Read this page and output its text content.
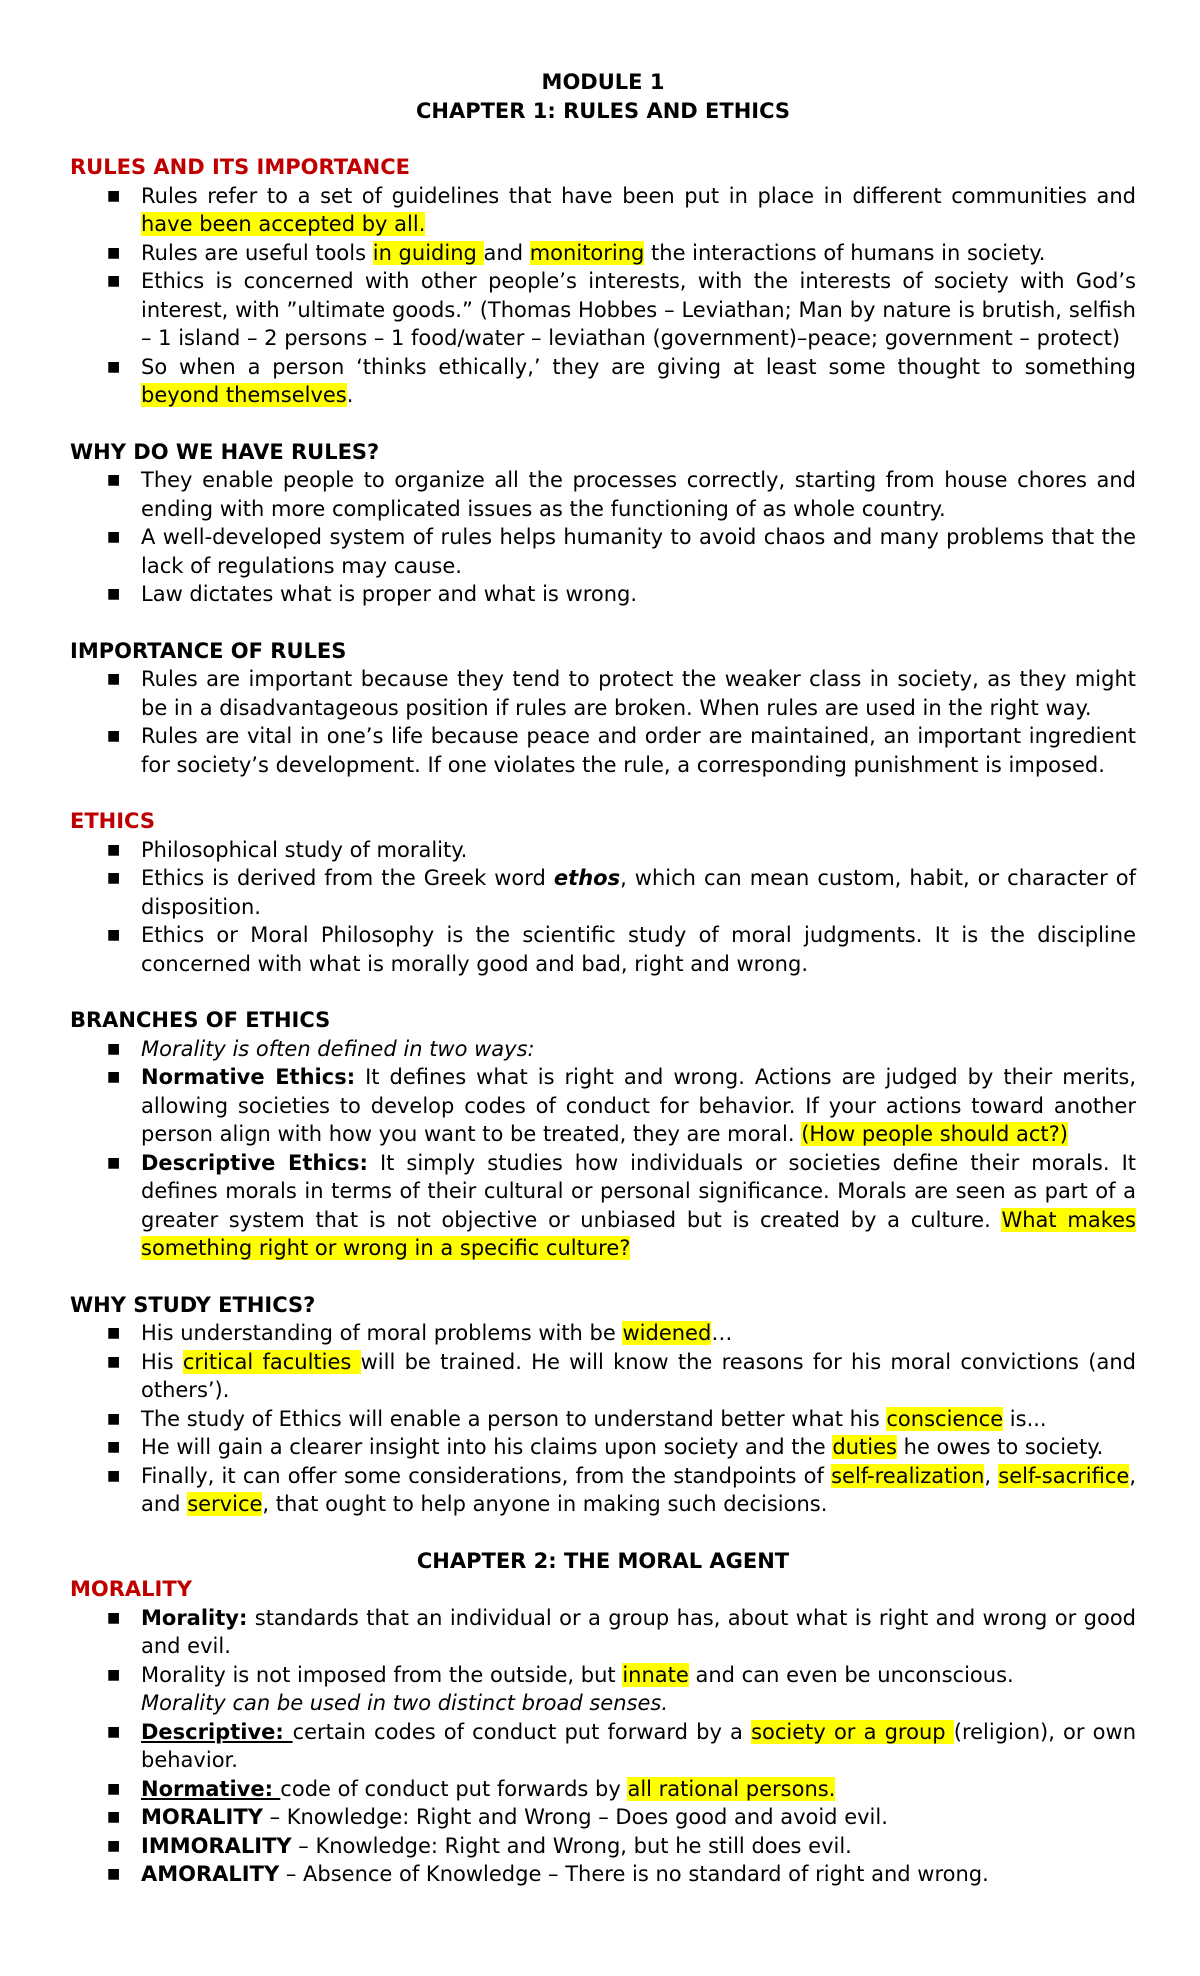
MODULE 1

CHAPTER 1: RULES AND ETHICS

RULES AND ITS IMPORTANCE

■ Rules refer to a set of guidelines that have been put in place in different communities and have been accepted by all.
■ Rules are useful tools in guiding and monitoring the interactions of humans in society.
■ Ethics is concerned with other people’s interests, with the interests of society with God’s interest, with ”ultimate goods.” (Thomas Hobbes – Leviathan; Man by nature is brutish, selfish – 1 island – 2 persons – 1 food/water – leviathan (government)–peace; government – protect)
■ So when a person ‘thinks ethically,’ they are giving at least some thought to something beyond themselves.

WHY DO WE HAVE RULES?

■ They enable people to organize all the processes correctly, starting from house chores and ending with more complicated issues as the functioning of as whole country.
■ A well-developed system of rules helps humanity to avoid chaos and many problems that the lack of regulations may cause.
■ Law dictates what is proper and what is wrong.

IMPORTANCE OF RULES

■ Rules are important because they tend to protect the weaker class in society, as they might be in a disadvantageous position if rules are broken. When rules are used in the right way.
■ Rules are vital in one’s life because peace and order are maintained, an important ingredient for society’s development. If one violates the rule, a corresponding punishment is imposed.

ETHICS

■ Philosophical study of morality.
■ Ethics is derived from the Greek word ethos, which can mean custom, habit, or character of disposition.
■ Ethics or Moral Philosophy is the scientific study of moral judgments. It is the discipline concerned with what is morally good and bad, right and wrong.

BRANCHES OF ETHICS

■ Morality is often defined in two ways:
■ Normative Ethics: It defines what is right and wrong. Actions are judged by their merits, allowing societies to develop codes of conduct for behavior. If your actions toward another person align with how you want to be treated, they are moral. (How people should act?)
■ Descriptive Ethics: It simply studies how individuals or societies define their morals. It defines morals in terms of their cultural or personal significance. Morals are seen as part of a greater system that is not objective or unbiased but is created by a culture. What makes something right or wrong in a specific culture?

WHY STUDY ETHICS?

■ His understanding of moral problems with be widened…
■ His critical faculties will be trained. He will know the reasons for his moral convictions (and others’).
■ The study of Ethics will enable a person to understand better what his conscience is...
■ He will gain a clearer insight into his claims upon society and the duties he owes to society.
■ Finally, it can offer some considerations, from the standpoints of self-realization, self-sacrifice, and service, that ought to help anyone in making such decisions.

CHAPTER 2: THE MORAL AGENT

MORALITY

■ Morality: standards that an individual or a group has, about what is right and wrong or good and evil.
■ Morality is not imposed from the outside, but innate and can even be unconscious.

Morality can be used in two distinct broad senses.

■ Descriptive: certain codes of conduct put forward by a society or a group (religion), or own behavior.
■ Normative: code of conduct put forwards by all rational persons.
■ MORALITY – Knowledge: Right and Wrong – Does good and avoid evil.
■ IMMORALITY – Knowledge: Right and Wrong, but he still does evil.
■ AMORALITY – Absence of Knowledge – There is no standard of right and wrong.
